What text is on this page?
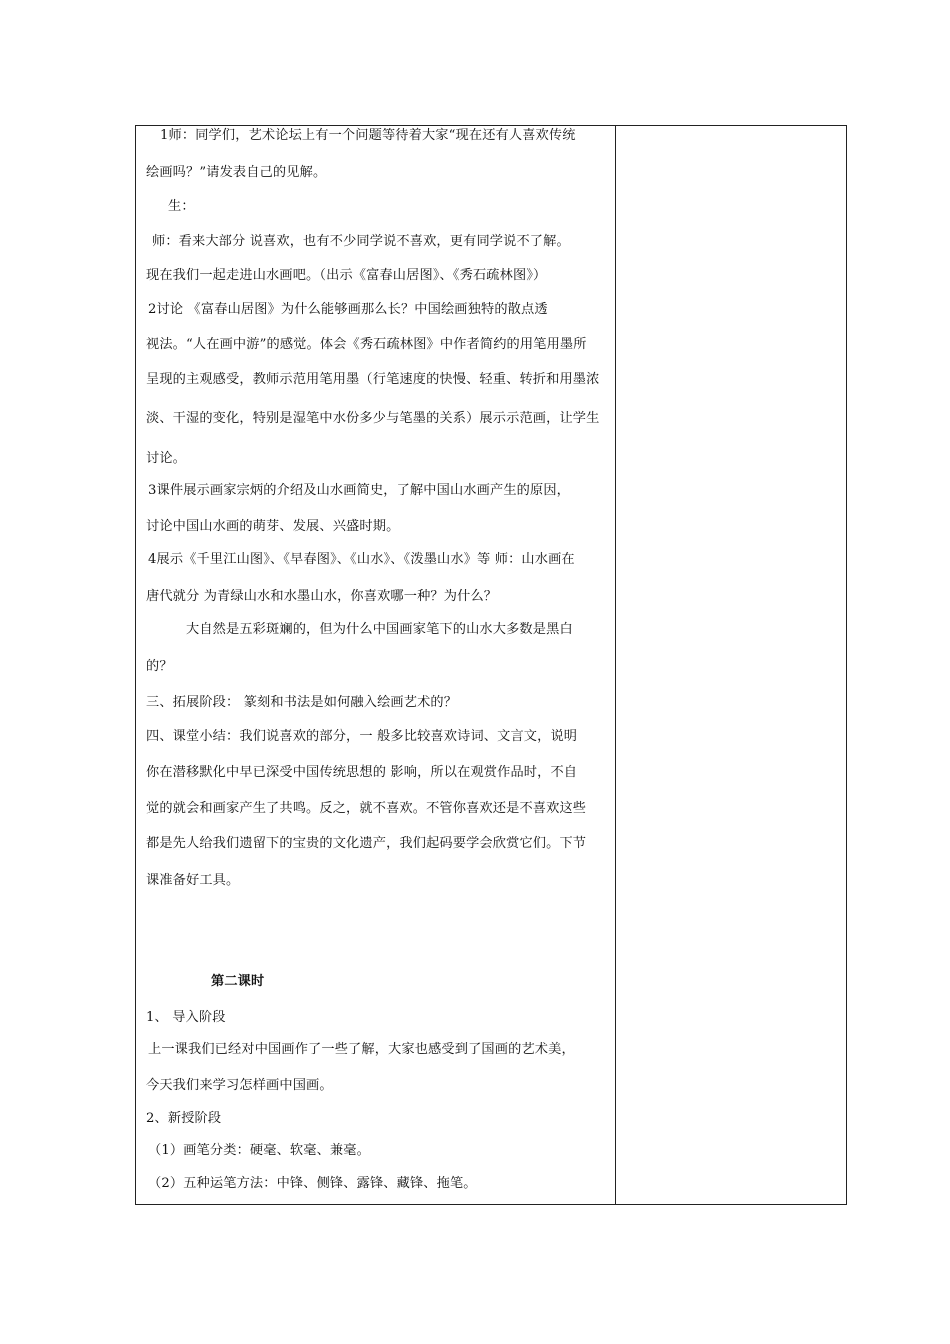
1师：同学们，艺术论坛上有一个问题等待着大家“现在还有人喜欢传统
绘画吗？”请发表自己的见解。
生：
师：看来大部分 说喜欢，也有不少同学说不喜欢，更有同学说不了解。
现在我们一起走进山水画吧。（出示《富春山居图》、《秀石疏林图》）
2讨论 《富春山居图》为什么能够画那么长？中国绘画独特的散点透
视法。“人在画中游”的感觉。体会《秀石疏林图》中作者简约的用笔用墨所
呈现的主观感受，教师示范用笔用墨（行笔速度的快慢、轻重、转折和用墨浓
淡、干湿的变化，特别是湿笔中水份多少与笔墨的关系）展示示范画，让学生
讨论。
3课件展示画家宗炳的介绍及山水画简史，了解中国山水画产生的原因，
讨论中国山水画的萌芽、发展、兴盛时期。
4展示《千里江山图》、《早春图》、《山水》、《泼墨山水》等 师：山水画在
唐代就分 为青绿山水和水墨山水，你喜欢哪一种？为什么？
大自然是五彩斑斓的，但为什么中国画家笔下的山水大多数是黑白
的？
三、拓展阶段： 篆刻和书法是如何融入绘画艺术的？
四、课堂小结：我们说喜欢的部分，一 般多比较喜欢诗词、文言文，说明
你在潜移默化中早已深受中国传统思想的 影响，所以在观赏作品时，不自
觉的就会和画家产生了共鸣。反之，就不喜欢。不管你喜欢还是不喜欢这些
都是先人给我们遗留下的宝贵的文化遗产，我们起码要学会欣赏它们。下节
课准备好工具。
第二课时
1、 导入阶段
上一课我们已经对中国画作了一些了解，大家也感受到了国画的艺术美，
今天我们来学习怎样画中国画。
2、新授阶段
（1）画笔分类：硬毫、软毫、兼毫。
（2）五种运笔方法：中锋、侧锋、露锋、藏锋、拖笔。
